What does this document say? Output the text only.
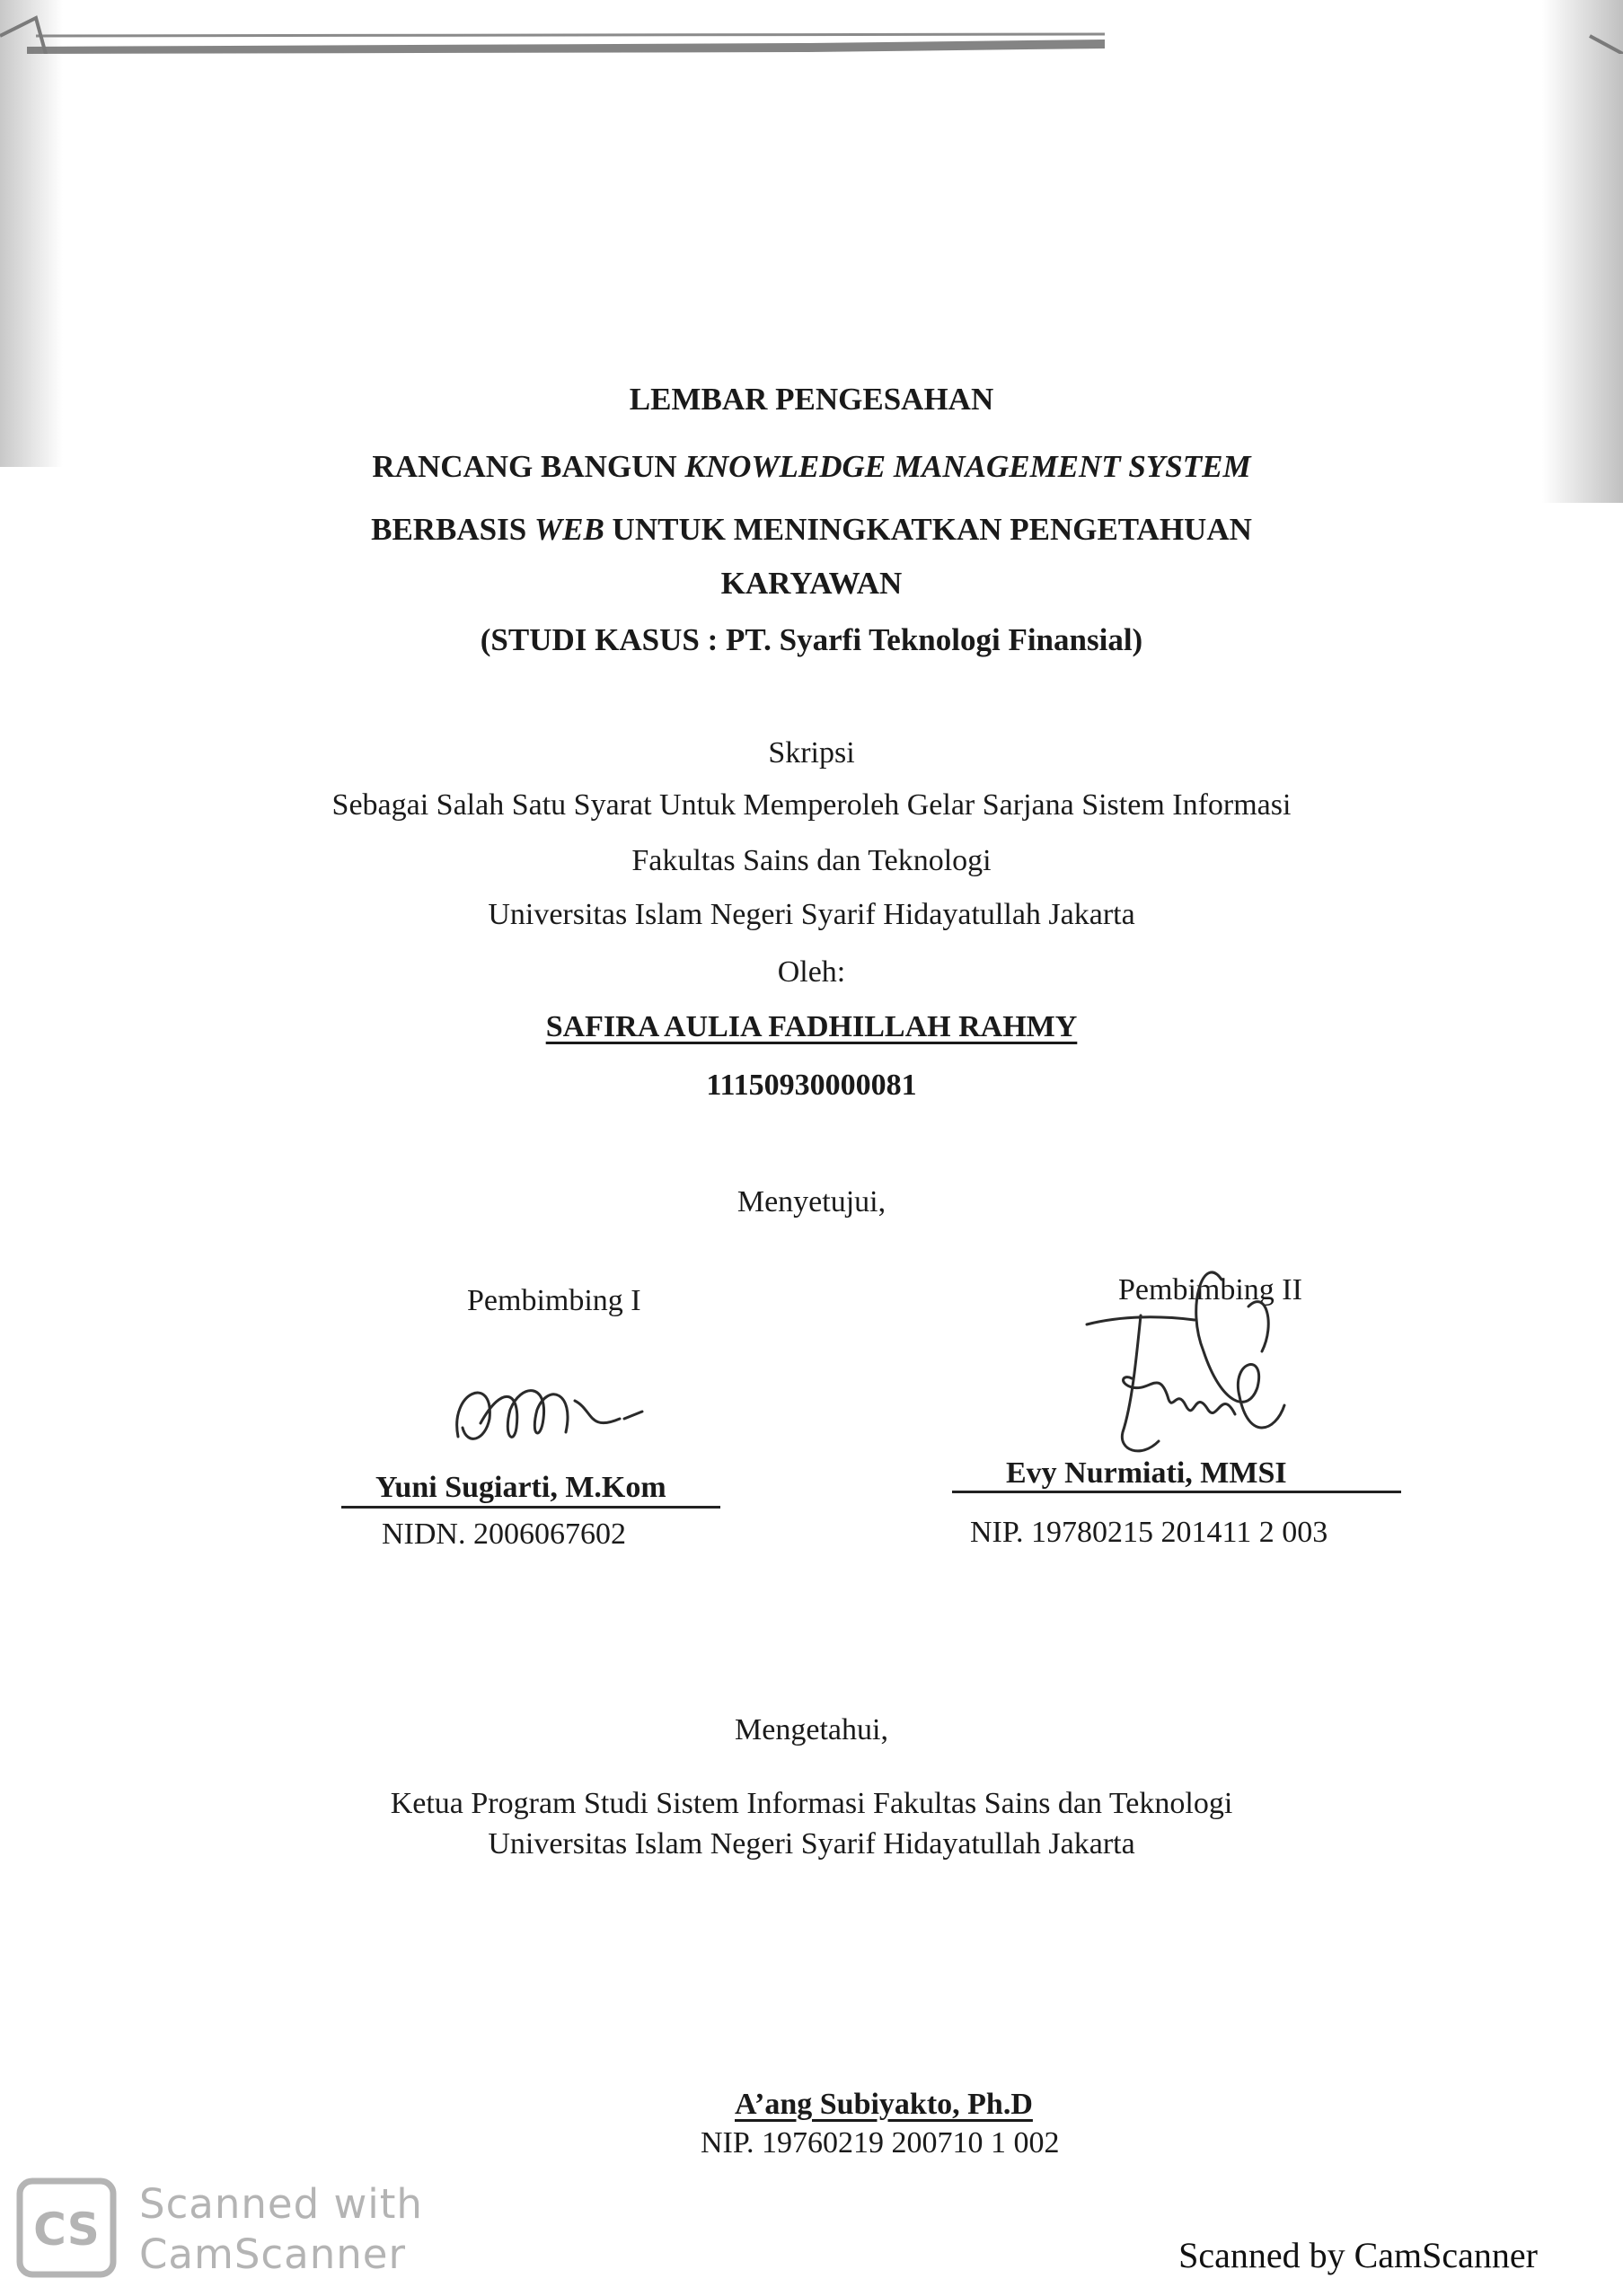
LEMBAR PENGESAHAN
RANCANG BANGUN KNOWLEDGE MANAGEMENT SYSTEM
BERBASIS WEB UNTUK MENINGKATKAN PENGETAHUAN
KARYAWAN
(STUDI KASUS : PT. Syarfi Teknologi Finansial)
Skripsi
Sebagai Salah Satu Syarat Untuk Memperoleh Gelar Sarjana Sistem Informasi
Fakultas Sains dan Teknologi
Universitas Islam Negeri Syarif Hidayatullah Jakarta
Oleh:
SAFIRA AULIA FADHILLAH RAHMY
11150930000081
Menyetujui,
Pembimbing I
Yuni Sugiarti, M.Kom
NIDN. 2006067602
Pembimbing II
Evy Nurmiati, MMSI
NIP. 19780215 201411 2 003
Mengetahui,
Ketua Program Studi Sistem Informasi Fakultas Sains dan Teknologi
Universitas Islam Negeri Syarif Hidayatullah Jakarta
A’ang Subiyakto, Ph.D
NIP. 19760219 200710 1 002
CS Scanned with
CamScanner	Scanned by CamScanner
